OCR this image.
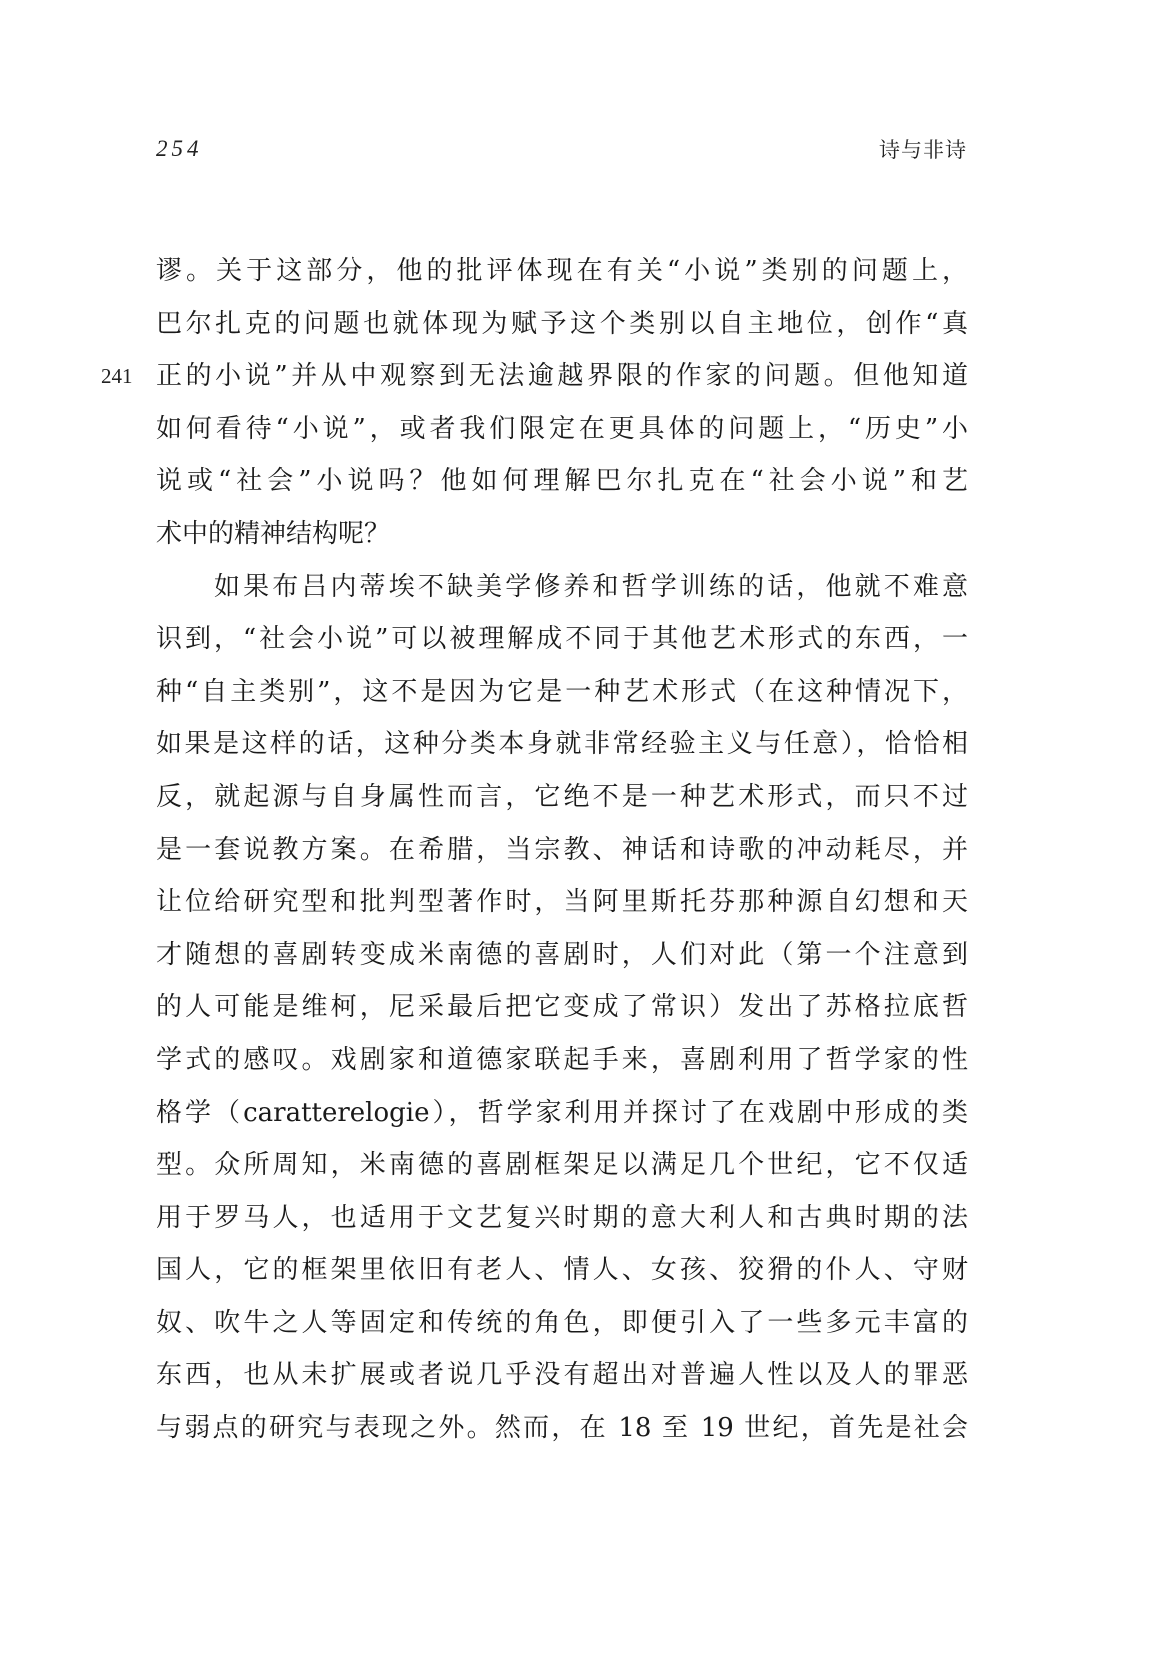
254	诗与非诗
谬。关于这部分，他的批评体现在有关“小说”类别的问题上，
巴尔扎克的问题也就体现为赋予这个类别以自主地位，创作“真
241 正的小说”并从中观察到无法逾越界限的作家的问题。但他知道
如何看待“小说”，或者我们限定在更具体的问题上，“历史”小
说或“社会”小说吗？他如何理解巴尔扎克在“社会小说”和艺
术中的精神结构呢？
如果布吕内蒂埃不缺美学修养和哲学训练的话，他就不难意
识到，“社会小说”可以被理解成不同于其他艺术形式的东西，一
种“自主类别”，这不是因为它是一种艺术形式（在这种情况下，
如果是这样的话，这种分类本身就非常经验主义与任意），恰恰相
反，就起源与自身属性而言，它绝不是一种艺术形式，而只不过
是一套说教方案。在希腊，当宗教、神话和诗歌的冲动耗尽，并
让位给研究型和批判型著作时，当阿里斯托芬那种源自幻想和天
才随想的喜剧转变成米南德的喜剧时，人们对此（第一个注意到
的人可能是维柯，尼采最后把它变成了常识）发出了苏格拉底哲
学式的感叹。戏剧家和道德家联起手来，喜剧利用了哲学家的性
格学（caratterelogie），哲学家利用并探讨了在戏剧中形成的类
型。众所周知，米南德的喜剧框架足以满足几个世纪，它不仅适
用于罗马人，也适用于文艺复兴时期的意大利人和古典时期的法
国人，它的框架里依旧有老人、情人、女孩、狡猾的仆人、守财
奴、吹牛之人等固定和传统的角色，即便引入了一些多元丰富的
东西，也从未扩展或者说几乎没有超出对普遍人性以及人的罪恶
与弱点的研究与表现之外。然而，在 18 至 19 世纪，首先是社会
